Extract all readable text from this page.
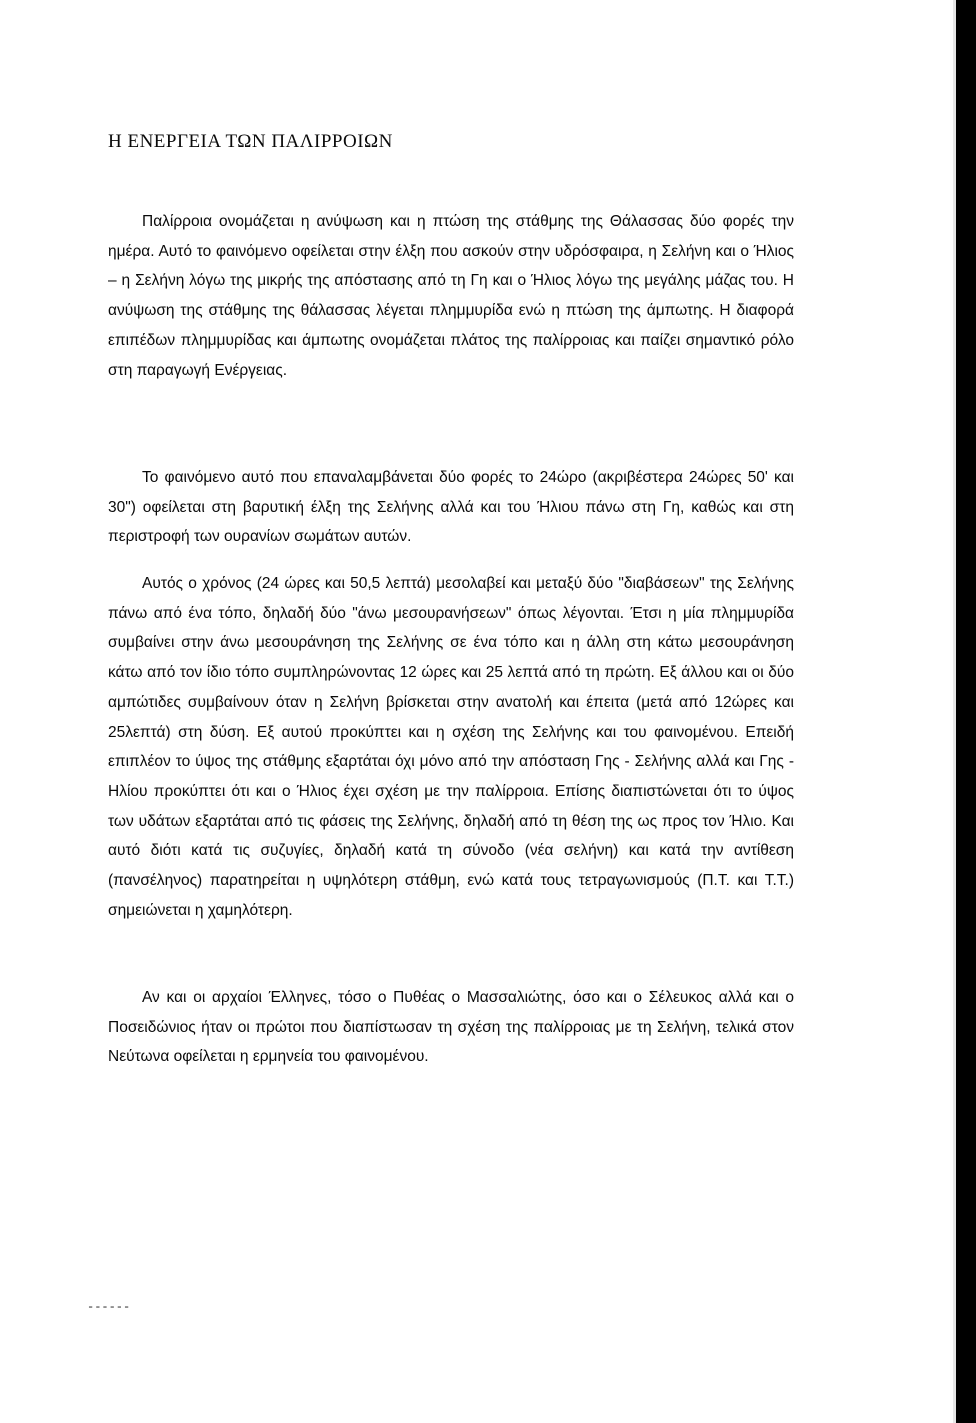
Η ΕΝΕΡΓΕΙΑ ΤΩΝ ΠΑΛΙΡΡΟΙΩΝ

Παλίρροια ονομάζεται η ανύψωση και η πτώση της στάθμης της Θάλασσας δύο φορές την ημέρα. Αυτό το φαινόμενο οφείλεται στην έλξη που ασκούν στην υδρόσφαιρα, η Σελήνη και ο Ήλιος – η Σελήνη λόγω της μικρής της απόστασης από τη Γη και ο Ήλιος λόγω της μεγάλης μάζας του. Η ανύψωση της στάθμης της θάλασσας λέγεται πλημμυρίδα ενώ η πτώση της άμπωτης. Η διαφορά επιπέδων πλημμυρίδας και άμπωτης ονομάζεται πλάτος της παλίρροιας και παίζει σημαντικό ρόλο στη παραγωγή Ενέργειας.

Το φαινόμενο αυτό που επαναλαμβάνεται δύο φορές το 24ώρο (ακριβέστερα 24ώρες 50' και 30") οφείλεται στη βαρυτική έλξη της Σελήνης αλλά και του Ήλιου πάνω στη Γη, καθώς και στη περιστροφή των ουρανίων σωμάτων αυτών.

Αυτός ο χρόνος (24 ώρες και 50,5 λεπτά) μεσολαβεί και μεταξύ δύο "διαβάσεων" της Σελήνης πάνω από ένα τόπο, δηλαδή δύο "άνω μεσουρανήσεων" όπως λέγονται. Έτσι η μία πλημμυρίδα συμβαίνει στην άνω μεσουράνηση της Σελήνης σε ένα τόπο και η άλλη στη κάτω μεσουράνηση κάτω από τον ίδιο τόπο συμπληρώνοντας 12 ώρες και 25 λεπτά από τη πρώτη. Εξ άλλου και οι δύο αμπώτιδες συμβαίνουν όταν η Σελήνη βρίσκεται στην ανατολή και έπειτα (μετά από 12ώρες και 25λεπτά) στη δύση. Εξ αυτού προκύπτει και η σχέση της Σελήνης και του φαινομένου. Επειδή επιπλέον το ύψος της στάθμης εξαρτάται όχι μόνο από την απόσταση Γης - Σελήνης αλλά και Γης - Ηλίου προκύπτει ότι και ο Ήλιος έχει σχέση με την παλίρροια. Επίσης διαπιστώνεται ότι το ύψος των υδάτων εξαρτάται από τις φάσεις της Σελήνης, δηλαδή από τη θέση της ως προς τον Ήλιο. Και αυτό διότι κατά τις συζυγίες, δηλαδή κατά τη σύνοδο (νέα σελήνη) και κατά την αντίθεση (πανσέληνος) παρατηρείται η υψηλότερη στάθμη, ενώ κατά τους τετραγωνισμούς (Π.Τ. και Τ.Τ.) σημειώνεται η χαμηλότερη.

Αν και οι αρχαίοι Έλληνες, τόσο ο Πυθέας ο Μασσαλιώτης, όσο και ο Σέλευκος αλλά και ο Ποσειδώνιος ήταν οι πρώτοι που διαπίστωσαν τη σχέση της παλίρροιας με τη Σελήνη, τελικά στον Νεύτωνα οφείλεται η ερμηνεία του φαινομένου.

------
